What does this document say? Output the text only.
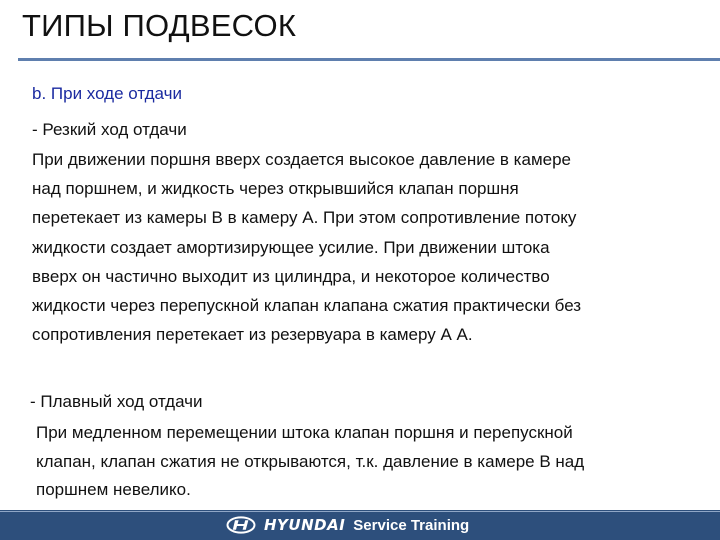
ТИПЫ ПОДВЕСОК
b. При ходе отдачи
- Резкий ход отдачи
При движении поршня вверх создается высокое давление в камере
над поршнем, и жидкость через открывшийся клапан поршня
перетекает из камеры B в камеру А. При этом сопротивление потоку
жидкости создает амортизирующее усилие. При движении штока
вверх он частично выходит из цилиндра, и некоторое количество
жидкости через перепускной клапан клапана сжатия практически без
сопротивления перетекает из резервуара в камеру А А.
- Плавный ход отдачи
При медленном перемещении штока клапан поршня и перепускной
клапан, клапан сжатия не открываются, т.к. давление в камере B над
поршнем невелико.
HYUNDAI Service Training
